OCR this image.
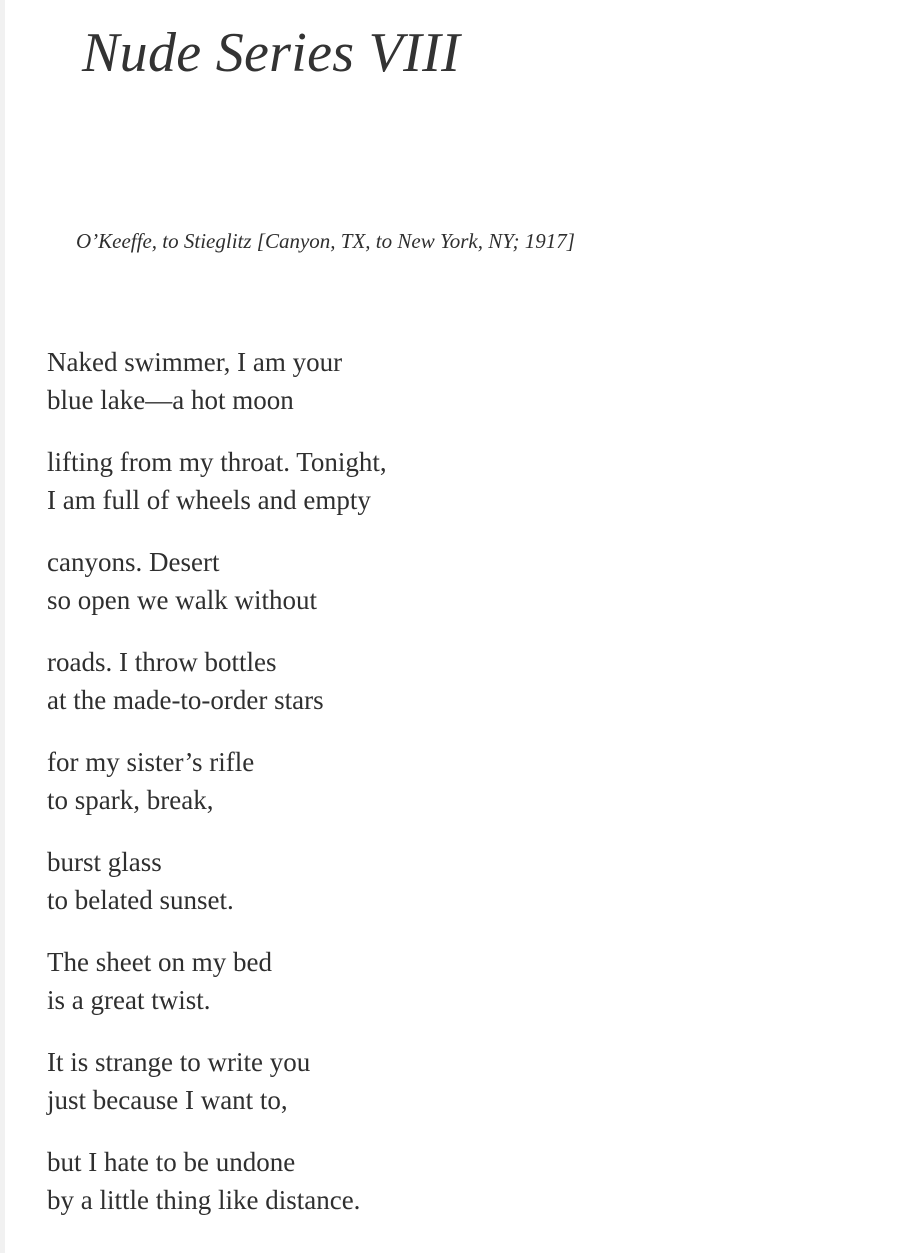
Nude Series VIII

O’Keeffe, to Stieglitz [Canyon, TX, to New York, NY; 1917]

Naked swimmer, I am your
blue lake—a hot moon
lifting from my throat. Tonight,
I am full of wheels and empty
canyons. Desert
so open we walk without
roads. I throw bottles
at the made-to-order stars
for my sister’s rifle
to spark, break,
burst glass
to belated sunset.
The sheet on my bed
is a great twist.
It is strange to write you
just because I want to,
but I hate to be undone
by a little thing like distance.
